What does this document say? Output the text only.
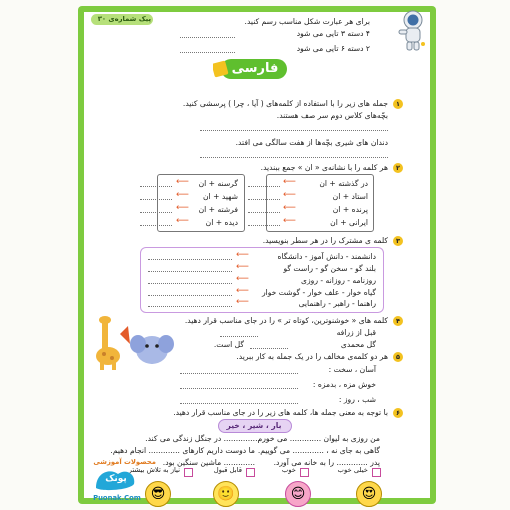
پیک شماره‌ی ۳۰	برای هر عبارت شکل مناسب رسم کنید.
۴ دسته ۳ تایی می شود
۲ دسته ۶ تایی می شود
فارسی
۱
جمله های زیر را با استفاده از کلمه‌های ( آیا ، چرا ) پرسشی کنید.
بچّه‌های کلاس دوم سر صف هستند.
دندان های شیری بچّه‌ها از هفت سالگی می افتد.
۲
هر کلمه را با نشانه‌ی « ان » جمع ببندید.
گرسنه + ان
شهید + ان
فرشته + ان
دیده + ان
⟵
⟵
⟵
⟵
در گذشته + ان
استاد + ان
پرنده + ان
ایرانی + ان
⟵
⟵
⟵
⟵
۳
کلمه ی مشترک را در هر سطر بنویسید.
دانشمند - دانش آموز - دانشگاه
بلند گو - سخن گو - راست گو
روزنامه - روزانه - روزی
گیاه خوار - علف خوار - گوشت خوار
راهنما - راهبر - راهنمایی
⟵
⟵
⟵
⟵
⟵
۴
کلمه های « خوشنوترین، کوتاه تر » را در جای مناسب قرار دهید.
قبل از زرافه
گل محمدی
گل است.
۵
هر دو کلمه‌ی مخالف را در یک جمله به کار ببرید.
آسان ، سخت :
خوش مزه ، بدمزه :
شب ، روز :
۶
با توجه به معنی جمله ها، کلمه های زیر را در جای مناسب قرار دهید.
بار ، شیر ، خیر
من روزی به لیوان ............. می خورم.
............. در جنگل زندگی می کند.
گاهی به جای نه ، ............. می گوییم.
ما دوست داریم کارهای ............. انجام دهیم.
پدر ............. را به خانه می آورد.
............. ماشین سنگین بود.
محصولات آموزشی
خیلی خوب
خوب
قابل قبول
نیاز به تلاش بیشتر
😍
😊
🙂
😎
پونک
Puonak.Com
